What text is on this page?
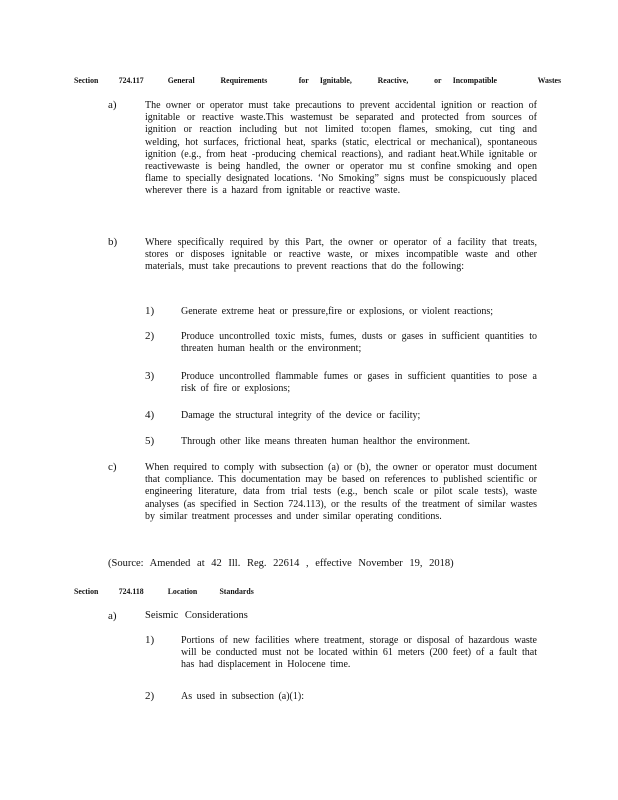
Section 724.117	General	Requirements	for Ignitable,	Reactive,	or Incompatible	Wastes
a)	The owner or operator must take precautions to prevent accidental ignition or reaction of ignitable or reactive waste.This wastemust be separated and protected from sources of ignition or reaction including but not limited to:open flames, smoking, cut ting and welding, hot surfaces, frictional heat, sparks (static, electrical or mechanical), spontaneous ignition (e.g., from heat -producing chemical reactions), and radiant heat.While ignitable or reactivewaste is being handled, the owner or operator mu st confine smoking and open flame to specially designated locations. ‘No Smoking” signs must be conspicuously placed wherever there is a hazard from ignitable or reactive waste.
b)	Where specifically required by this Part, the owner or operator of a facility that treats, stores or disposes ignitable or reactive waste, or mixes incompatible waste and other materials, must take precautions to prevent reactions that do the following:
1)	Generate extreme heat or pressure,fire or explosions, or violent reactions;
2)	Produce uncontrolled toxic mists, fumes, dusts or gases in sufficient quantities to threaten human health or the environment;
3)	Produce uncontrolled flammable fumes or gases in sufficient quantities to pose a risk of fire or explosions;
4)	Damage the structural integrity of the device or facility;
5)	Through other like means threaten human healthor the environment.
c)	When required to comply with subsection (a) or (b), the owner or operator must document that compliance. This documentation may be based on references to published scientific or engineering literature, data from trial tests (e.g., bench scale or pilot scale tests), waste analyses (as specified in Section 724.113), or the results of the treatment of similar wastes by similar treatment processes and under similar operating conditions.
(Source: Amended at 42 Ill. Reg. 22614 , effective November 19, 2018)
Section 724.118	Location	Standards
a)	Seismic Considerations
1)	Portions of new facilities where treatment, storage or disposal of hazardous waste will be conducted must not be located within 61 meters (200 feet) of a fault that has had displacement in Holocene time.
2)	As used in subsection (a)(1):
